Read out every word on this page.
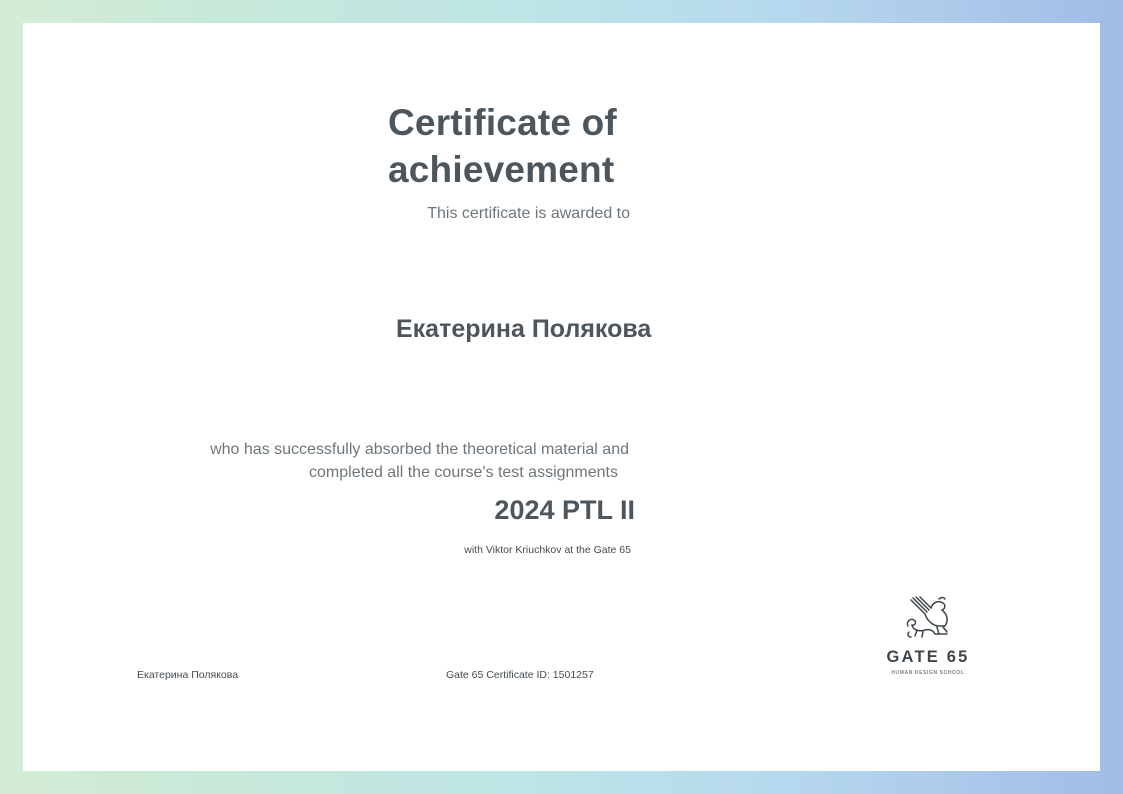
Certificate of
achievement
This certificate is awarded to
Екатерина Полякова
who has successfully absorbed the theoretical material and
completed all the course's test assignments
2024 PTL II
with Viktor Kriuchkov at the Gate 65
GATE 65
HUMAN DESIGN SCHOOL
Екатерина Полякова	Gate 65 Certificate ID: 1501257
